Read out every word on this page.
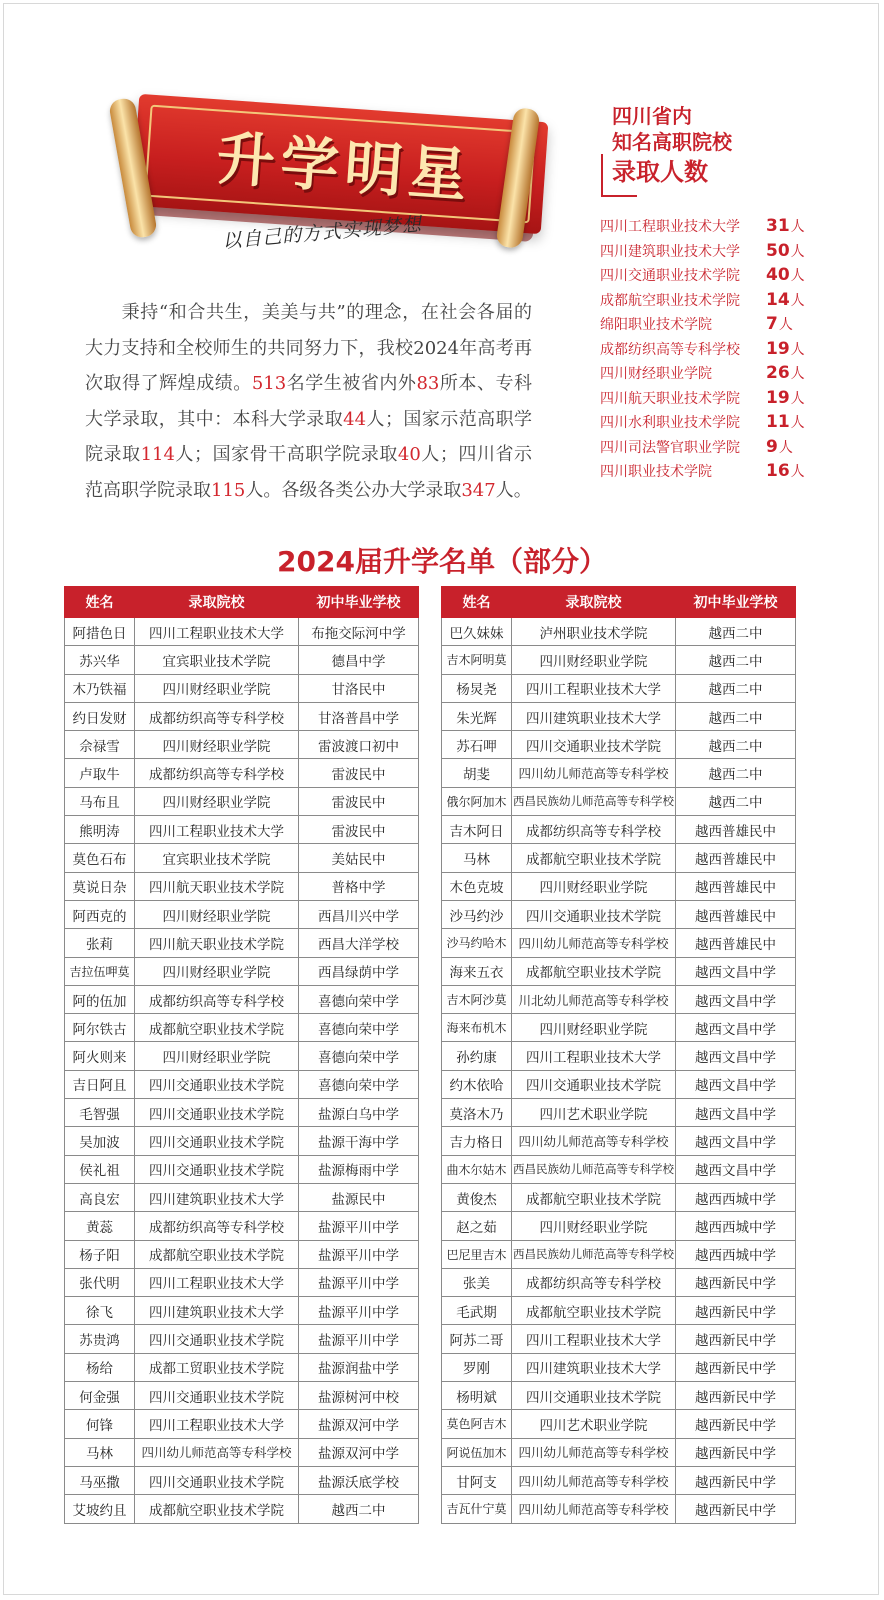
升学明星
以自己的方式实现梦想
四川省内
知名高职院校
录取人数
四川工程职业技术大学	31 人
四川建筑职业技术大学	50 人
四川交通职业技术学院	40 人
成都航空职业技术学院	14 人
绵阳职业技术学院	7 人
成都纺织高等专科学校	19 人
四川财经职业学院	26 人
四川航天职业技术学院	19 人
四川水利职业技术学院	11 人
四川司法警官职业学院	9 人
四川职业技术学院	16 人
  秉持“和合共生，美美与共”的理念，在社会各届的大力支持和全校师生的共同努力下，我校2024年高考再次取得了辉煌成绩。513名学生被省内外83所本、专科大学录取，其中：本科大学录取44人；国家示范高职学院录取114人；国家骨干高职学院录取40人；四川省示范高职学院录取115人。各级各类公办大学录取347人。
2024届升学名单（部分）
姓名	录取院校	初中毕业学校
阿措色日	四川工程职业技术大学	布拖交际河中学
苏兴华	宜宾职业技术学院	德昌中学
木乃铁福	四川财经职业学院	甘洛民中
约日发财	成都纺织高等专科学校	甘洛普昌中学
佘禄雪	四川财经职业学院	雷波渡口初中
卢取牛	成都纺织高等专科学校	雷波民中
马布且	四川财经职业学院	雷波民中
熊明涛	四川工程职业技术大学	雷波民中
莫色石布	宜宾职业技术学院	美姑民中
莫说日杂	四川航天职业技术学院	普格中学
阿西克的	四川财经职业学院	西昌川兴中学
张莉	四川航天职业技术学院	西昌大洋学校
吉拉伍呷莫	四川财经职业学院	西昌绿荫中学
阿的伍加	成都纺织高等专科学校	喜德向荣中学
阿尔铁古	成都航空职业技术学院	喜德向荣中学
阿火则来	四川财经职业学院	喜德向荣中学
吉日阿且	四川交通职业技术学院	喜德向荣中学
毛智强	四川交通职业技术学院	盐源白乌中学
吴加波	四川交通职业技术学院	盐源干海中学
侯礼祖	四川交通职业技术学院	盐源梅雨中学
高良宏	四川建筑职业技术大学	盐源民中
黄蕊	成都纺织高等专科学校	盐源平川中学
杨子阳	成都航空职业技术学院	盐源平川中学
张代明	四川工程职业技术大学	盐源平川中学
徐飞	四川建筑职业技术大学	盐源平川中学
苏贵鸿	四川交通职业技术学院	盐源平川中学
杨给	成都工贸职业技术学院	盐源润盐中学
何金强	四川交通职业技术学院	盐源树河中校
何锋	四川工程职业技术大学	盐源双河中学
马林	四川幼儿师范高等专科学校	盐源双河中学
马巫撒	四川交通职业技术学院	盐源沃底学校
艾坡约且	成都航空职业技术学院	越西二中
姓名	录取院校	初中毕业学校
巴久妹妹	泸州职业技术学院	越西二中
吉木阿明莫	四川财经职业学院	越西二中
杨炅尧	四川工程职业技术大学	越西二中
朱光辉	四川建筑职业技术大学	越西二中
苏石呷	四川交通职业技术学院	越西二中
胡斐	四川幼儿师范高等专科学校	越西二中
俄尔阿加木	西昌民族幼儿师范高等专科学校	越西二中
吉木阿日	成都纺织高等专科学校	越西普雄民中
马林	成都航空职业技术学院	越西普雄民中
木色克坡	四川财经职业学院	越西普雄民中
沙马约沙	四川交通职业技术学院	越西普雄民中
沙马约哈木	四川幼儿师范高等专科学校	越西普雄民中
海来五衣	成都航空职业技术学院	越西文昌中学
吉木阿沙莫	川北幼儿师范高等专科学校	越西文昌中学
海来布机木	四川财经职业学院	越西文昌中学
孙约康	四川工程职业技术大学	越西文昌中学
约木依哈	四川交通职业技术学院	越西文昌中学
莫洛木乃	四川艺术职业学院	越西文昌中学
吉力格日	四川幼儿师范高等专科学校	越西文昌中学
曲木尔姑木	西昌民族幼儿师范高等专科学校	越西文昌中学
黄俊杰	成都航空职业技术学院	越西西城中学
赵之茹	四川财经职业学院	越西西城中学
巴尼里吉木	西昌民族幼儿师范高等专科学校	越西西城中学
张美	成都纺织高等专科学校	越西新民中学
毛武期	成都航空职业技术学院	越西新民中学
阿苏二哥	四川工程职业技术大学	越西新民中学
罗刚	四川建筑职业技术大学	越西新民中学
杨明斌	四川交通职业技术学院	越西新民中学
莫色阿吉木	四川艺术职业学院	越西新民中学
阿说伍加木	四川幼儿师范高等专科学校	越西新民中学
甘阿支	四川幼儿师范高等专科学校	越西新民中学
吉瓦什宁莫	四川幼儿师范高等专科学校	越西新民中学
